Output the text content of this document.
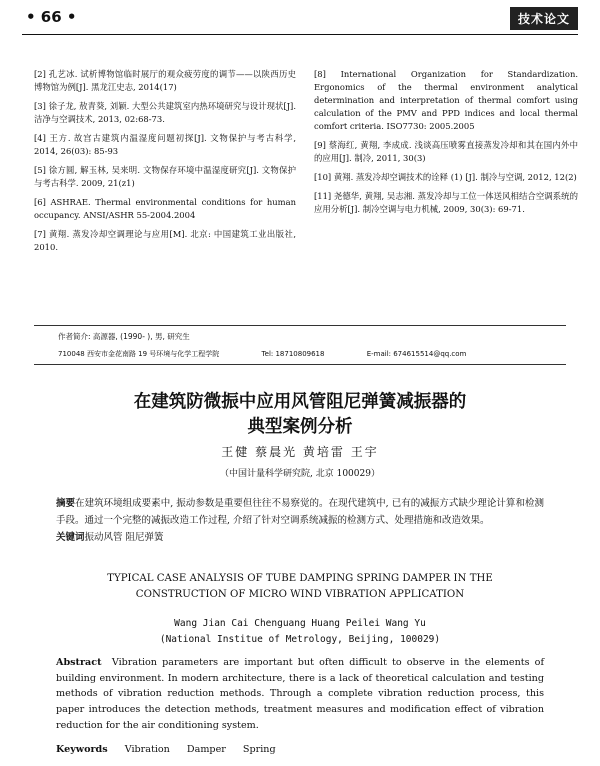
• 66 •	技术论文
[2] 孔艺冰. 试析博物馆临时展厅的观众疲劳度的调节——以陕西历史博物馆为例[J]. 黑龙江史志, 2014(17)
[3] 徐子龙, 敖青葵, 刘颖. 大型公共建筑室内热环境研究与设计现状[J]. 洁净与空调技术, 2013, 02:68-73.
[4] 王方. 故宫古建筑内温湿度问题初探[J]. 文物保护与考古科学, 2014, 26(03): 85-93
[5] 徐方圆, 解玉林, 吴来明. 文物保存环境中温湿度研究[J]. 文物保护与考古科学. 2009, 21(z1)
[6] ASHRAE. Thermal environmental conditions for human occupancy. ANSI/ASHR 55-2004.2004
[7] 黄翔. 蒸发冷却空调理论与应用[M]. 北京: 中国建筑工业出版社, 2010.
[8] International Organization for Standardization. Ergonomics of the thermal environment analytical determination and interpretation of thermal comfort using calculation of the PMV and PPD indices and local thermal comfort criteria. ISO7730: 2005.2005
[9] 蔡海红, 黄翔, 李成成. 浅谈高压喷雾直接蒸发冷却和其在国内外中的应用[J]. 制冷, 2011, 30(3)
[10] 黄翔. 蒸发冷却空调技术的诠释 (1) [J]. 制冷与空调, 2012, 12(2)
[11] 尧德华, 黄翔, 吴志湘. 蒸发冷却与工位一体送风相结合空调系统的应用分析[J]. 制冷空调与电力机械, 2009, 30(3): 69-71.
作者简介: 高源器, (1990- ), 男, 研究生
710048 西安市金花南路 19 号环境与化学工程学院	Tel: 18710809618	E-mail: 674615514@qq.com
在建筑防微振中应用风管阻尼弹簧减振器的
典型案例分析
王健 蔡晨光 黄培雷 王宇
（中国计量科学研究院, 北京 100029）
摘要在建筑环境组成要素中, 振动参数是重要但往往不易察觉的。在现代建筑中, 已有的减振方式缺少理论计算和检测手段。通过一个完整的减振改造工作过程, 介绍了针对空调系统减振的检测方式、处理措施和改造效果。
关键词振动风管 阻尼弹簧
TYPICAL CASE ANALYSIS OF TUBE DAMPING SPRING DAMPER IN THE
CONSTRUCTION OF MICRO WIND VIBRATION APPLICATION
Wang Jian Cai Chenguang Huang Peilei Wang Yu
(National Institue of Metrology, Beijing, 100029)
Abstract Vibration parameters are important but often difficult to observe in the elements of building environment. In modern architecture, there is a lack of theoretical calculation and testing methods of vibration reduction methods. Through a complete vibration reduction process, this paper introduces the detection methods, treatment measures and modification effect of vibration reduction for the air conditioning system.
Keywords Vibration Damper Spring
